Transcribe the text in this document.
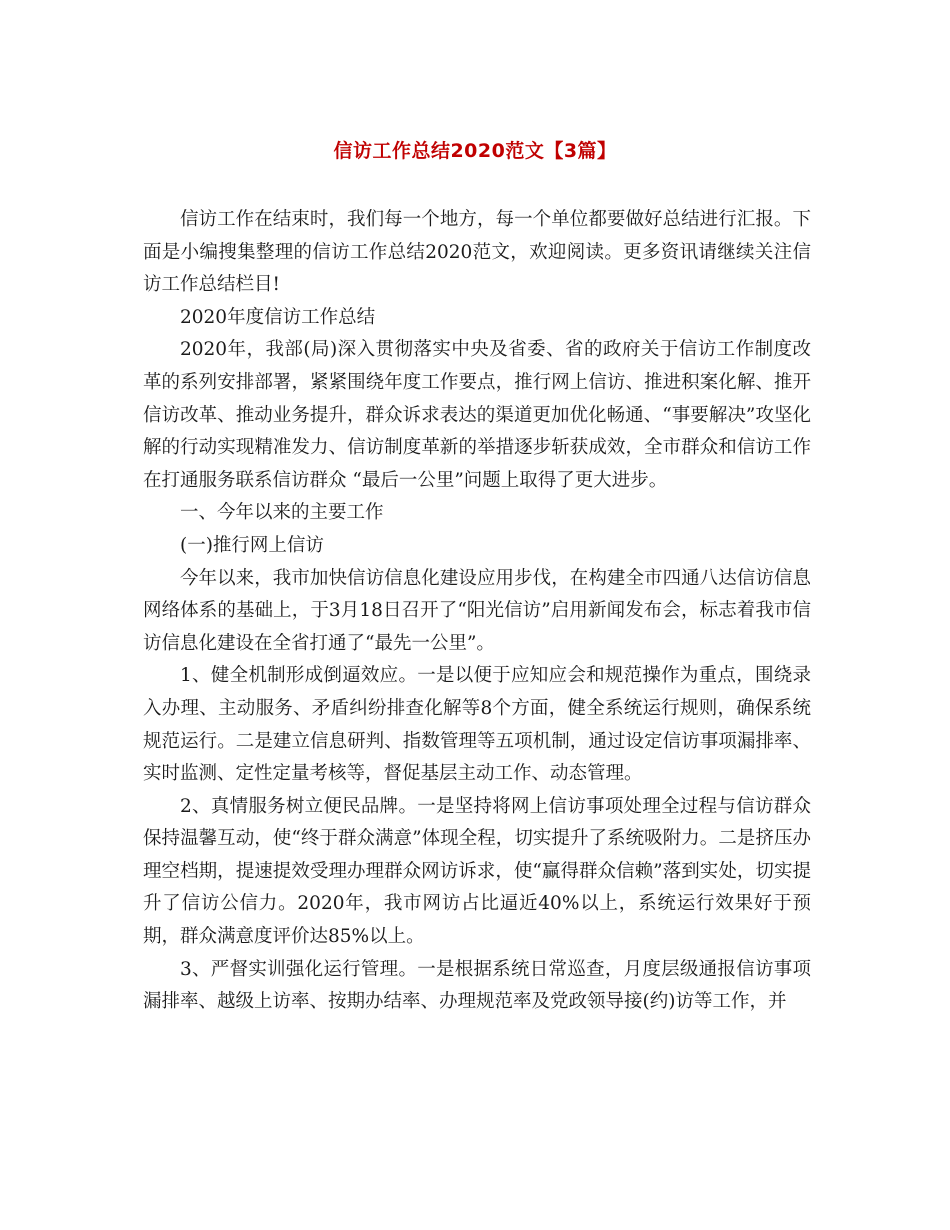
信访工作总结2020范文【3篇】

信访工作在结束时，我们每一个地方，每一个单位都要做好总结进行汇报。下面是小编搜集整理的信访工作总结2020范文，欢迎阅读。更多资讯请继续关注信访工作总结栏目!

2020年度信访工作总结

2020年，我部(局)深入贯彻落实中央及省委、省的政府关于信访工作制度改革的系列安排部署，紧紧围绕年度工作要点，推行网上信访、推进积案化解、推开信访改革、推动业务提升，群众诉求表达的渠道更加优化畅通、“事要解决”攻坚化解的行动实现精准发力、信访制度革新的举措逐步斩获成效，全市群众和信访工作在打通服务联系信访群众 “最后一公里”问题上取得了更大进步。

一、今年以来的主要工作

(一)推行网上信访

今年以来，我市加快信访信息化建设应用步伐，在构建全市四通八达信访信息网络体系的基础上，于3月18日召开了“阳光信访”启用新闻发布会，标志着我市信访信息化建设在全省打通了“最先一公里”。

1、健全机制形成倒逼效应。一是以便于应知应会和规范操作为重点，围绕录入办理、主动服务、矛盾纠纷排查化解等8个方面，健全系统运行规则，确保系统规范运行。二是建立信息研判、指数管理等五项机制，通过设定信访事项漏排率、实时监测、定性定量考核等，督促基层主动工作、动态管理。

2、真情服务树立便民品牌。一是坚持将网上信访事项处理全过程与信访群众保持温馨互动，使“终于群众满意”体现全程，切实提升了系统吸附力。二是挤压办理空档期，提速提效受理办理群众网访诉求，使“赢得群众信赖”落到实处，切实提升了信访公信力。2020年，我市网访占比逼近40%以上，系统运行效果好于预期，群众满意度评价达85%以上。

3、严督实训强化运行管理。一是根据系统日常巡查，月度层级通报信访事项漏排率、越级上访率、按期办结率、办理规范率及党政领导接(约)访等工作，并
